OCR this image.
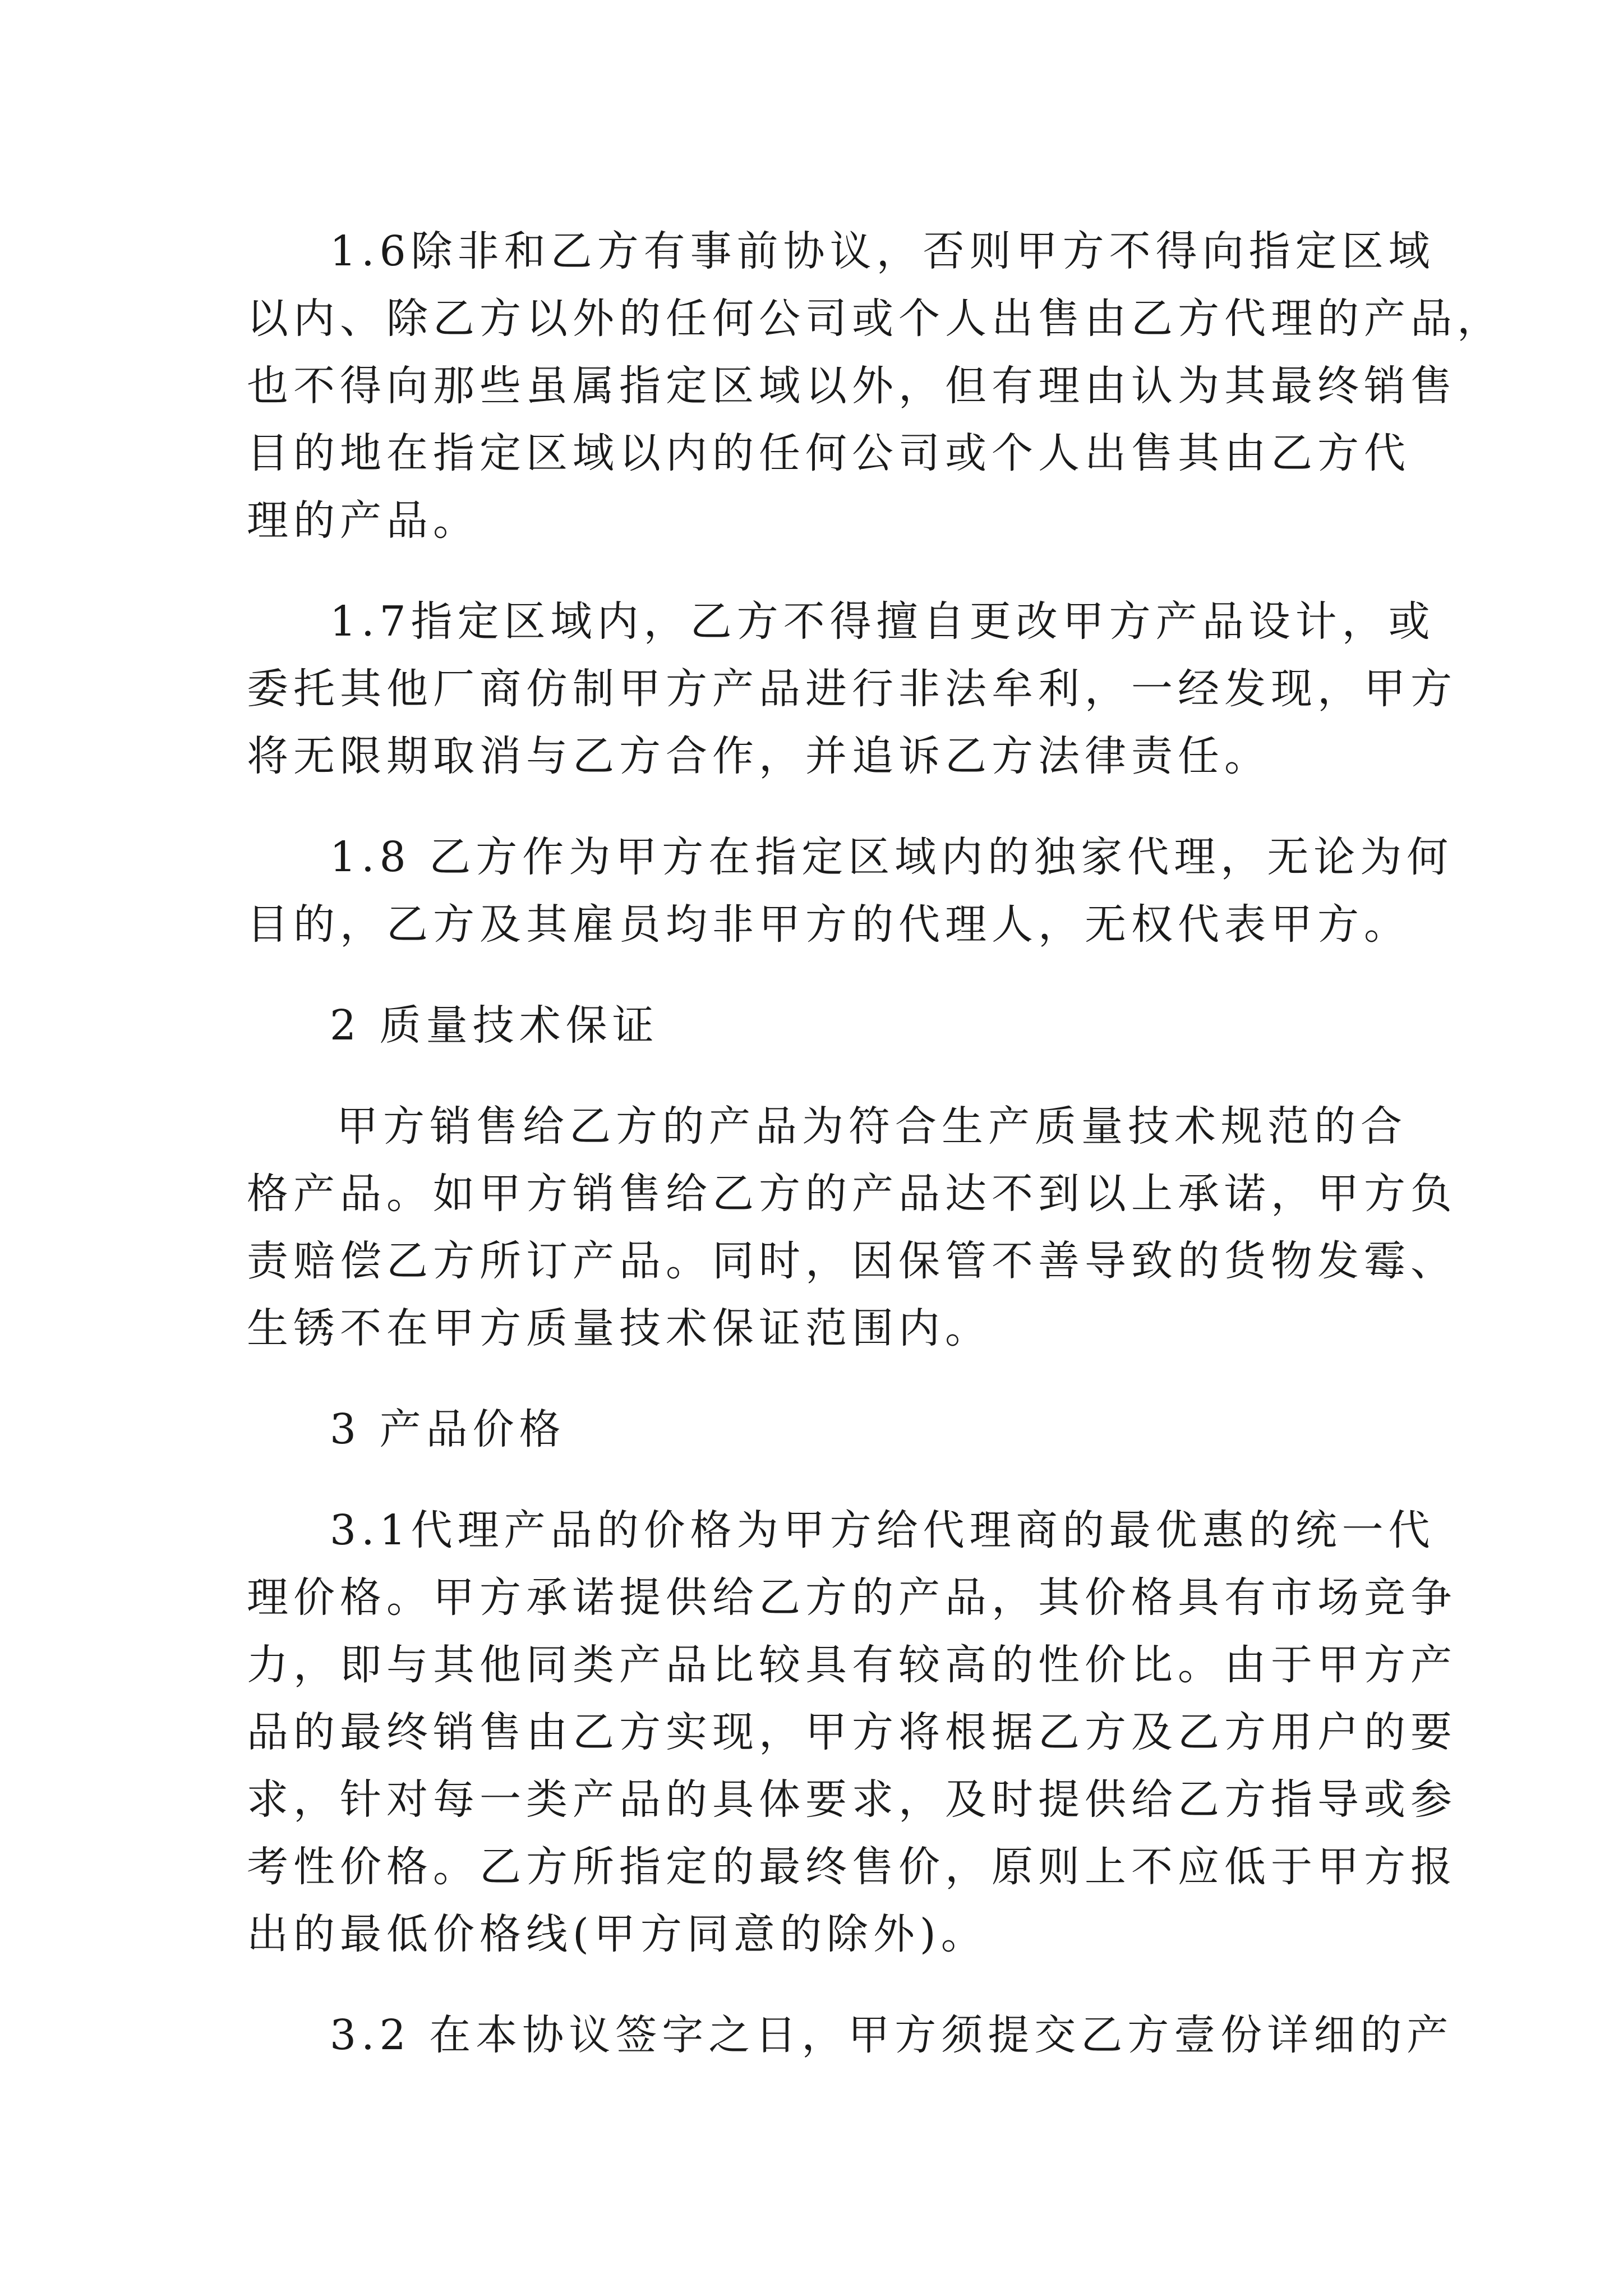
1.6除非和乙方有事前协议，否则甲方不得向指定区域

以内、除乙方以外的任何公司或个人出售由乙方代理的产品，

也不得向那些虽属指定区域以外，但有理由认为其最终销售

目的地在指定区域以内的任何公司或个人出售其由乙方代

理的产品。

1.7指定区域内，乙方不得擅自更改甲方产品设计，或

委托其他厂商仿制甲方产品进行非法牟利，一经发现，甲方

将无限期取消与乙方合作，并追诉乙方法律责任。

1.8 乙方作为甲方在指定区域内的独家代理，无论为何

目的，乙方及其雇员均非甲方的代理人，无权代表甲方。

2 质量技术保证

甲方销售给乙方的产品为符合生产质量技术规范的合

格产品。如甲方销售给乙方的产品达不到以上承诺，甲方负

责赔偿乙方所订产品。同时，因保管不善导致的货物发霉、

生锈不在甲方质量技术保证范围内。

3 产品价格

3.1代理产品的价格为甲方给代理商的最优惠的统一代

理价格。甲方承诺提供给乙方的产品，其价格具有市场竞争

力，即与其他同类产品比较具有较高的性价比。由于甲方产

品的最终销售由乙方实现，甲方将根据乙方及乙方用户的要

求，针对每一类产品的具体要求，及时提供给乙方指导或参

考性价格。乙方所指定的最终售价，原则上不应低于甲方报

出的最低价格线(甲方同意的除外)。

3.2 在本协议签字之日，甲方须提交乙方壹份详细的产
